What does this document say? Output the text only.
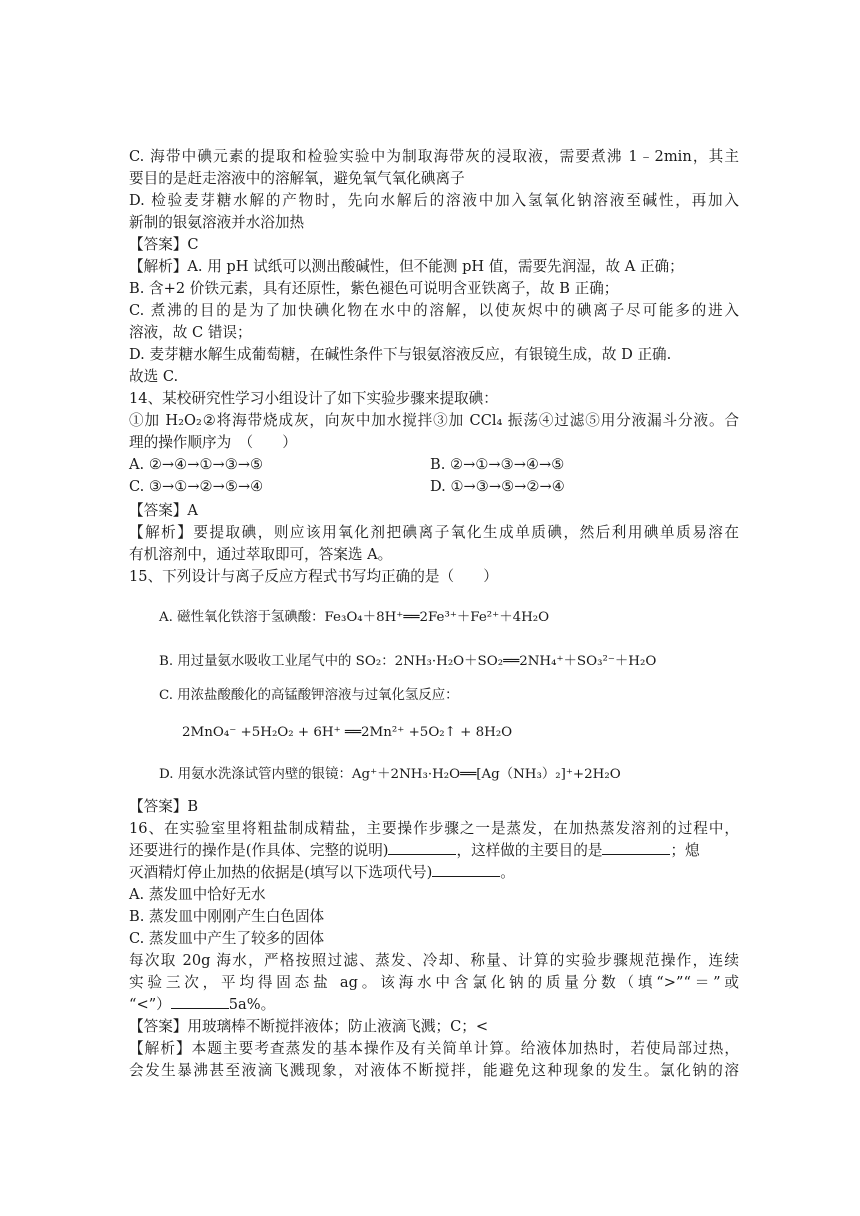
C. 海带中碘元素的提取和检验实验中为制取海带灰的浸取液，需要煮沸 1﹣2min，其主
要目的是赶走溶液中的溶解氧，避免氧气氧化碘离子
D. 检验麦芽糖水解的产物时，先向水解后的溶液中加入氢氧化钠溶液至碱性，再加入
新制的银氨溶液并水浴加热
【答案】C
【解析】A. 用 pH 试纸可以测出酸碱性，但不能测 pH 值，需要先润湿，故 A 正确；
B. 含+2 价铁元素，具有还原性，紫色褪色可说明含亚铁离子，故 B 正确；
C. 煮沸的目的是为了加快碘化物在水中的溶解，以使灰烬中的碘离子尽可能多的进入
溶液，故 C 错误；
D. 麦芽糖水解生成葡萄糖，在碱性条件下与银氨溶液反应，有银镜生成，故 D 正确.
故选 C.
14、某校研究性学习小组设计了如下实验步骤来提取碘：
①加 H₂O₂②将海带烧成灰，向灰中加水搅拌③加 CCl₄ 振荡④过滤⑤用分液漏斗分液。合
理的操作顺序为　（　　）
A. ②→④→①→③→⑤	B. ②→①→③→④→⑤
C. ③→①→②→⑤→④	D. ①→③→⑤→②→④
【答案】A
【解析】要提取碘，则应该用氧化剂把碘离子氧化生成单质碘，然后利用碘单质易溶在
有机溶剂中，通过萃取即可，答案选 A。
15、下列设计与离子反应方程式书写均正确的是（　　）
A. 磁性氧化铁溶于氢碘酸：Fe₃O₄＋8H⁺══2Fe³⁺＋Fe²⁺＋4H₂O
B. 用过量氨水吸收工业尾气中的 SO₂：2NH₃·H₂O＋SO₂══2NH₄⁺＋SO₃²⁻＋H₂O
C. 用浓盐酸酸化的高锰酸钾溶液与过氧化氢反应：
2MnO₄⁻ +5H₂O₂ + 6H⁺ ══2Mn²⁺ +5O₂↑ + 8H₂O
D. 用氨水洗涤试管内壁的银镜：Ag⁺＋2NH₃·H₂O══[Ag（NH₃）₂]⁺+2H₂O
【答案】B
16、在实验室里将粗盐制成精盐，主要操作步骤之一是蒸发，在加热蒸发溶剂的过程中，
还要进行的操作是(作具体、完整的说明)	，这样做的主要目的是	；熄
灭酒精灯停止加热的依据是(填写以下选项代号)	。
A. 蒸发皿中恰好无水
B. 蒸发皿中刚刚产生白色固体
C. 蒸发皿中产生了较多的固体
每次取 20g 海水，严格按照过滤、蒸发、冷却、称量、计算的实验步骤规范操作，连续
实验三次，平均得固态盐 ag。该海水中含氯化钠的质量分数（填“>”“＝”或
“<”）	5a%。
【答案】用玻璃棒不断搅拌液体；防止液滴飞溅；C；<
【解析】本题主要考查蒸发的基本操作及有关简单计算。给液体加热时，若使局部过热，
会发生暴沸甚至液滴飞溅现象，对液体不断搅拌，能避免这种现象的发生。氯化钠的溶
